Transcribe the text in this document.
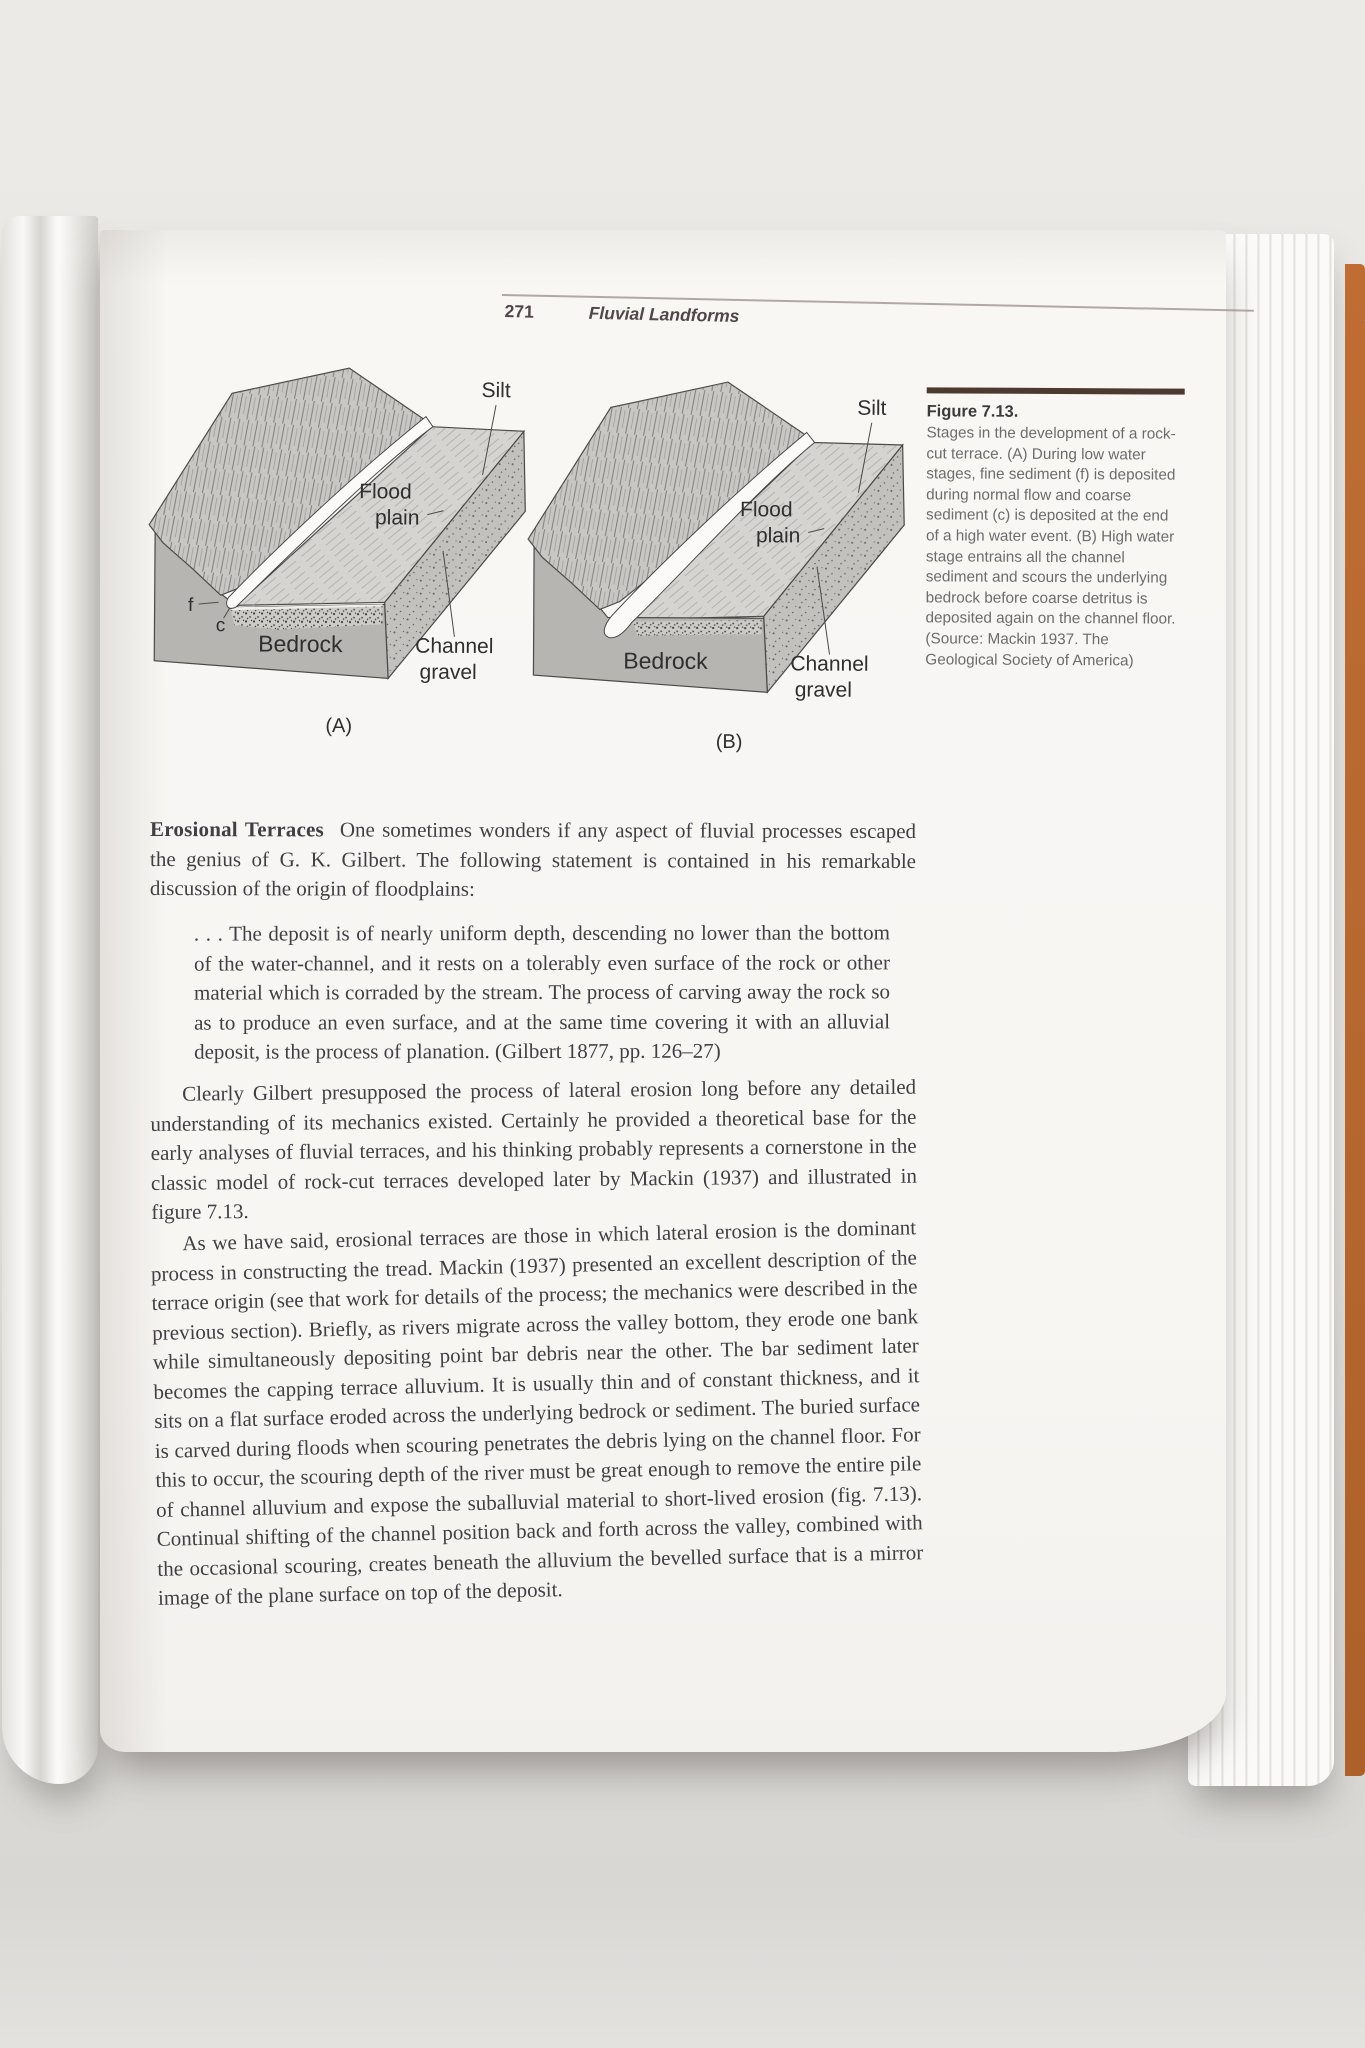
271	Fluvial Landforms
Silt
Flood
plain
f
c
Bedrock	Channel
gravel
(A)
Silt
Flood
plain
Bedrock	Channel
gravel
(B)
Figure 7.13.

Stages in the development of a rock-cut terrace. (A) During low water stages, fine sediment (f) is deposited during normal flow and coarse sediment (c) is deposited at the end of a high water event. (B) High water stage entrains all the channel sediment and scours the underlying bedrock before coarse detritus is deposited again on the channel floor. (Source: Mackin 1937. The Geological Society of America)

Erosional Terraces One sometimes wonders if any aspect of fluvial processes escaped the genius of G. K. Gilbert. The following statement is contained in his remarkable discussion of the origin of floodplains:

. . . The deposit is of nearly uniform depth, descending no lower than the bottom of the water-channel, and it rests on a tolerably even surface of the rock or other material which is corraded by the stream. The process of carving away the rock so as to produce an even surface, and at the same time covering it with an alluvial deposit, is the process of planation. (Gilbert 1877, pp. 126–27)

Clearly Gilbert presupposed the process of lateral erosion long before any detailed understanding of its mechanics existed. Certainly he provided a theoretical base for the early analyses of fluvial terraces, and his thinking probably represents a cornerstone in the classic model of rock-cut terraces developed later by Mackin (1937) and illustrated in figure 7.13.

As we have said, erosional terraces are those in which lateral erosion is the dominant process in constructing the tread. Mackin (1937) presented an excellent description of the terrace origin (see that work for details of the process; the mechanics were described in the previous section). Briefly, as rivers migrate across the valley bottom, they erode one bank while simultaneously depositing point bar debris near the other. The bar sediment later becomes the capping terrace alluvium. It is usually thin and of constant thickness, and it sits on a flat surface eroded across the underlying bedrock or sediment. The buried surface is carved during floods when scouring penetrates the debris lying on the channel floor. For this to occur, the scouring depth of the river must be great enough to remove the entire pile of channel alluvium and expose the suballuvial material to short-lived erosion (fig. 7.13). Continual shifting of the channel position back and forth across the valley, combined with the occasional scouring, creates beneath the alluvium the bevelled surface that is a mirror image of the plane surface on top of the deposit.
